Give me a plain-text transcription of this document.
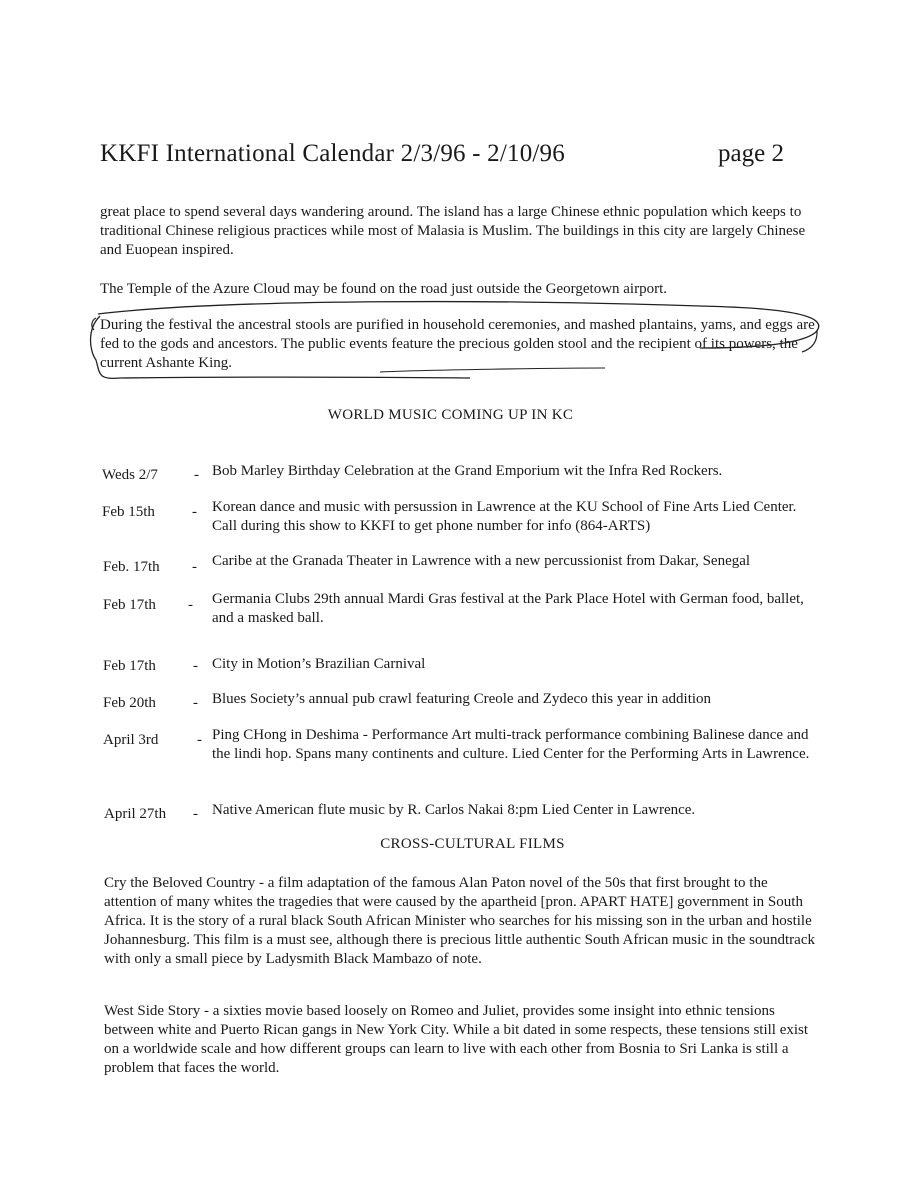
KKFI International Calendar 2/3/96 - 2/10/96	page 2
great place to spend several days wandering around. The island has a large Chinese ethnic population which keeps to traditional Chinese religious practices while most of Malasia is Muslim. The buildings in this city are largely Chinese and Euopean inspired.
The Temple of the Azure Cloud may be found on the road just outside the Georgetown airport.
During the festival the ancestral stools are purified in household ceremonies, and mashed plantains, yams, and eggs are fed to the gods and ancestors. The public events feature the precious golden stool and the recipient of its powers, the current Ashante King.
WORLD MUSIC COMING UP IN KC
Weds 2/7 - Bob Marley Birthday Celebration at the Grand Emporium wit the Infra Red Rockers.
Feb 15th - Korean dance and music with persussion in Lawrence at the KU School of Fine Arts Lied Center. Call during this show to KKFI to get phone number for info (864-ARTS)
Feb. 17th - Caribe at the Granada Theater in Lawrence with a new percussionist from Dakar, Senegal
Feb 17th - Germania Clubs 29th annual Mardi Gras festival at the Park Place Hotel with German food, ballet, and a masked ball.
Feb 17th - City in Motion’s Brazilian Carnival
Feb 20th - Blues Society’s annual pub crawl featuring Creole and Zydeco this year in addition
April 3rd	- Ping CHong in Deshima - Performance Art multi-track performance combining Balinese dance and the lindi hop. Spans many continents and culture. Lied Center for the Performing Arts in Lawrence.
April 27th - Native American flute music by R. Carlos Nakai 8:pm Lied Center in Lawrence.
CROSS-CULTURAL FILMS
Cry the Beloved Country - a film adaptation of the famous Alan Paton novel of the 50s that first brought to the attention of many whites the tragedies that were caused by the apartheid [pron. APART HATE] government in South Africa. It is the story of a rural black South African Minister who searches for his missing son in the urban and hostile Johannesburg. This film is a must see, although there is precious little authentic South African music in the soundtrack with only a small piece by Ladysmith Black Mambazo of note.
West Side Story - a sixties movie based loosely on Romeo and Juliet, provides some insight into ethnic tensions between white and Puerto Rican gangs in New York City. While a bit dated in some respects, these tensions still exist on a worldwide scale and how different groups can learn to live with each other from Bosnia to Sri Lanka is still a problem that faces the world.
